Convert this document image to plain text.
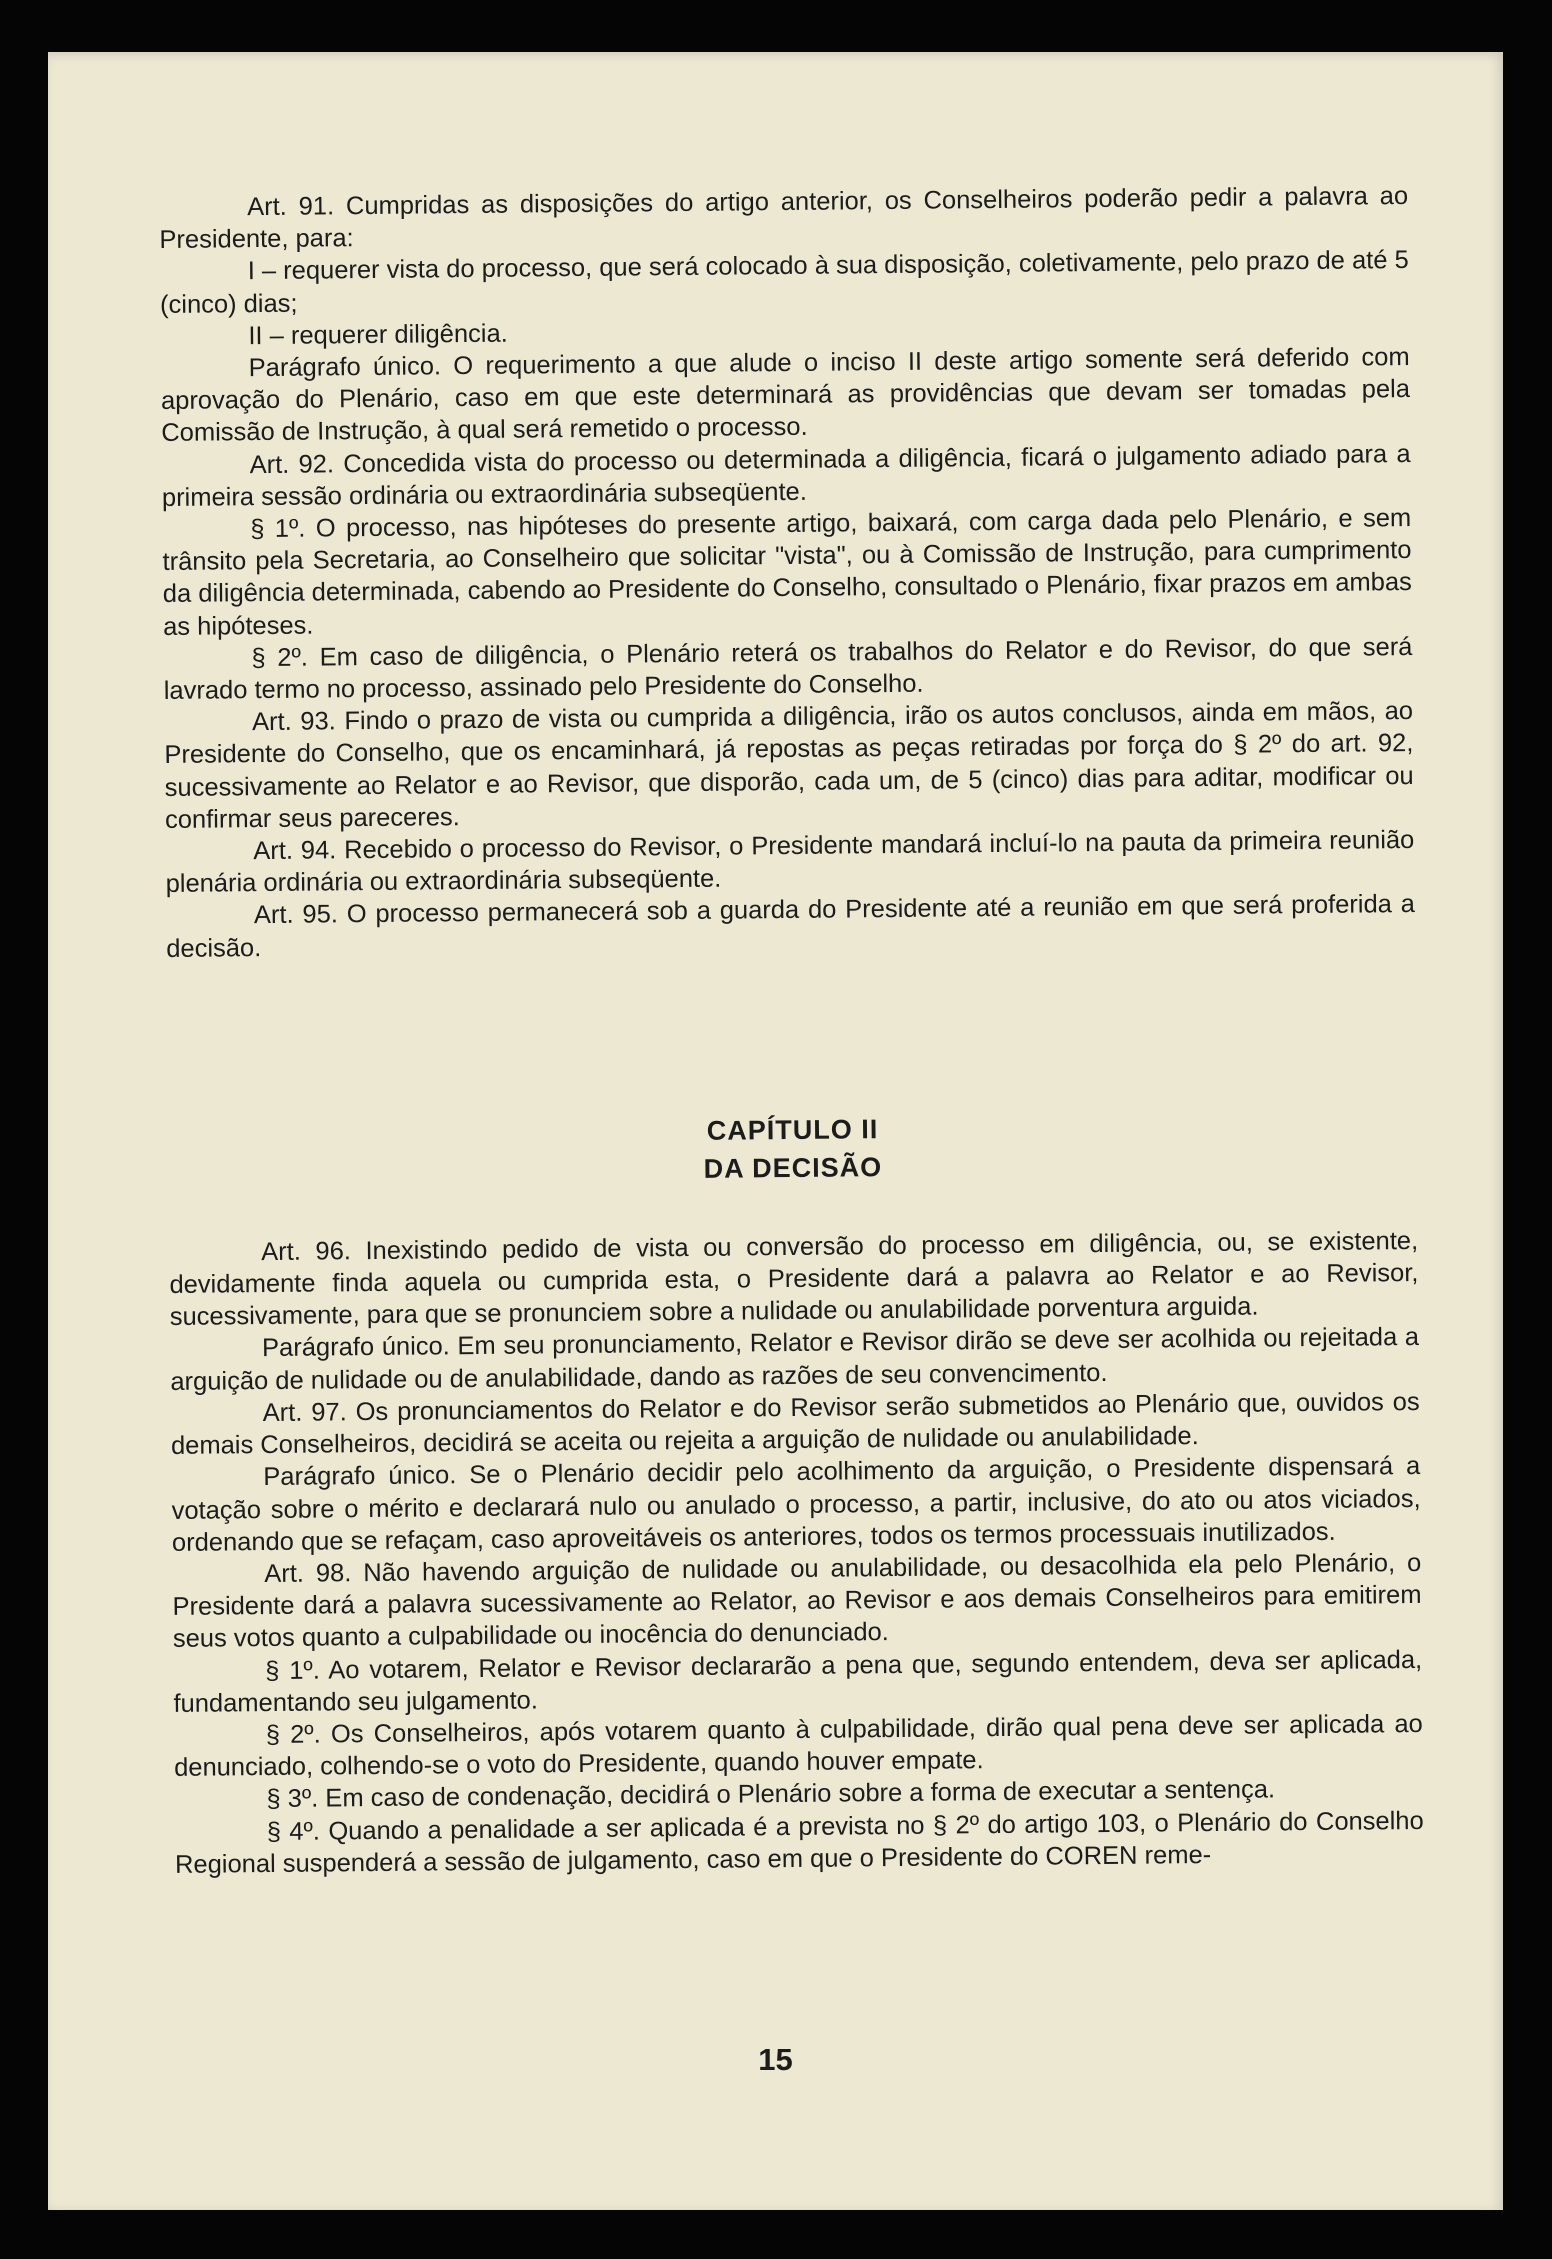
Art. 91. Cumpridas as disposições do artigo anterior, os Conselheiros poderão pedir a palavra ao Presidente, para:

I – requerer vista do processo, que será colocado à sua disposição, coletivamente, pelo prazo de até 5 (cinco) dias;

II – requerer diligência.

Parágrafo único. O requerimento a que alude o inciso II deste artigo somente será deferido com aprovação do Plenário, caso em que este determinará as providências que devam ser tomadas pela Comissão de Instrução, à qual será remetido o processo.

Art. 92. Concedida vista do processo ou determinada a diligência, ficará o julgamento adiado para a primeira sessão ordinária ou extraordinária subseqüente.

§ 1º. O processo, nas hipóteses do presente artigo, baixará, com carga dada pelo Plenário, e sem trânsito pela Secretaria, ao Conselheiro que solicitar "vista", ou à Comissão de Instrução, para cumprimento da diligência determinada, cabendo ao Presidente do Conselho, consultado o Plenário, fixar prazos em ambas as hipóteses.

§ 2º. Em caso de diligência, o Plenário reterá os trabalhos do Relator e do Revisor, do que será lavrado termo no processo, assinado pelo Presidente do Conselho.

Art. 93. Findo o prazo de vista ou cumprida a diligência, irão os autos conclusos, ainda em mãos, ao Presidente do Conselho, que os encaminhará, já repostas as peças retiradas por força do § 2º do art. 92, sucessivamente ao Relator e ao Revisor, que disporão, cada um, de 5 (cinco) dias para aditar, modificar ou confirmar seus pareceres.

Art. 94. Recebido o processo do Revisor, o Presidente mandará incluí-lo na pauta da primeira reunião plenária ordinária ou extraordinária subseqüente.

Art. 95. O processo permanecerá sob a guarda do Presidente até a reunião em que será proferida a decisão.

CAPÍTULO II

DA DECISÃO

Art. 96. Inexistindo pedido de vista ou conversão do processo em diligência, ou, se existente, devidamente finda aquela ou cumprida esta, o Presidente dará a palavra ao Relator e ao Revisor, sucessivamente, para que se pronunciem sobre a nulidade ou anulabilidade porventura arguida.

Parágrafo único. Em seu pronunciamento, Relator e Revisor dirão se deve ser acolhida ou rejeitada a arguição de nulidade ou de anulabilidade, dando as razões de seu convencimento.

Art. 97. Os pronunciamentos do Relator e do Revisor serão submetidos ao Plenário que, ouvidos os demais Conselheiros, decidirá se aceita ou rejeita a arguição de nulidade ou anulabilidade.

Parágrafo único. Se o Plenário decidir pelo acolhimento da arguição, o Presidente dispensará a votação sobre o mérito e declarará nulo ou anulado o processo, a partir, inclusive, do ato ou atos viciados, ordenando que se refaçam, caso aproveitáveis os anteriores, todos os termos processuais inutilizados.

Art. 98. Não havendo arguição de nulidade ou anulabilidade, ou desacolhida ela pelo Plenário, o Presidente dará a palavra sucessivamente ao Relator, ao Revisor e aos demais Conselheiros para emitirem seus votos quanto a culpabilidade ou inocência do denunciado.

§ 1º. Ao votarem, Relator e Revisor declararão a pena que, segundo entendem, deva ser aplicada, fundamentando seu julgamento.

§ 2º. Os Conselheiros, após votarem quanto à culpabilidade, dirão qual pena deve ser aplicada ao denunciado, colhendo-se o voto do Presidente, quando houver empate.

§ 3º. Em caso de condenação, decidirá o Plenário sobre a forma de executar a sentença.

§ 4º. Quando a penalidade a ser aplicada é a prevista no § 2º do artigo 103, o Plenário do Conselho Regional suspenderá a sessão de julgamento, caso em que o Presidente do COREN reme-

15
